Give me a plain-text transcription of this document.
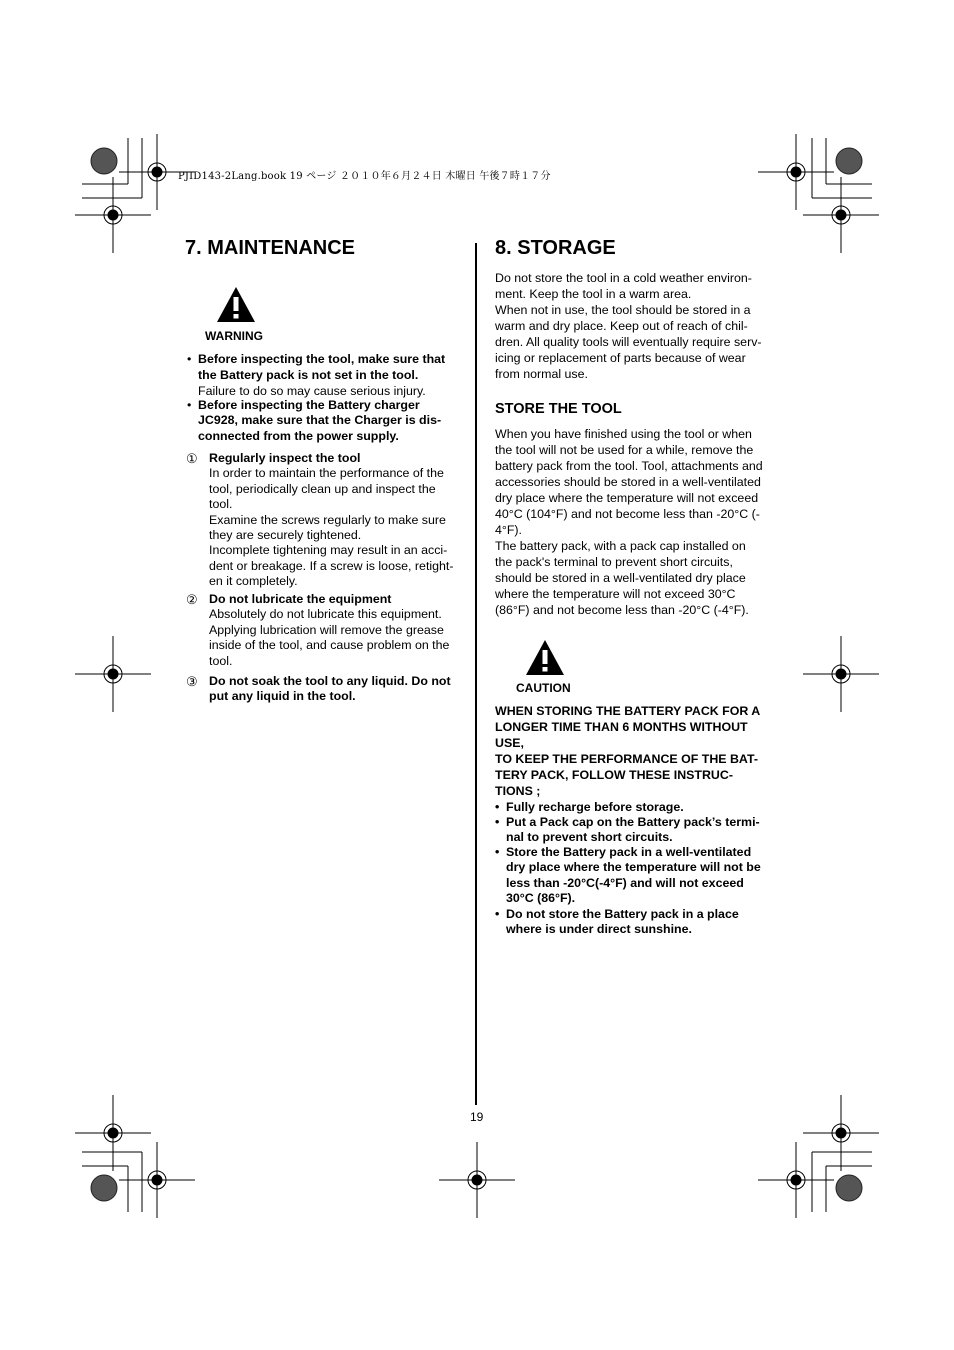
PJID143-2Lang.book 19 ページ ２０１０年６月２４日 木曜日 午後７時１７分
7. MAINTENANCE
WARNING
• Before inspecting the tool, make sure that
the Battery pack is not set in the tool.
Failure to do so may cause serious injury.
• Before inspecting the Battery charger
JC928, make sure that the Charger is dis-
connected from the power supply.
① Regularly inspect the tool
In order to maintain the performance of the
tool, periodically clean up and inspect the
tool.
Examine the screws regularly to make sure
they are securely tightened.
Incomplete tightening may result in an acci-
dent or breakage. If a screw is loose, retight-
en it completely.
② Do not lubricate the equipment
Absolutely do not lubricate this equipment.
Applying lubrication will remove the grease
inside of the tool, and cause problem on the
tool.
③ Do not soak the tool to any liquid. Do not
put any liquid in the tool.
8. STORAGE
Do not store the tool in a cold weather environ-
ment. Keep the tool in a warm area.
When not in use, the tool should be stored in a
warm and dry place. Keep out of reach of chil-
dren. All quality tools will eventually require serv-
icing or replacement of parts because of wear
from normal use.
STORE THE TOOL
When you have finished using the tool or when
the tool will not be used for a while, remove the
battery pack from the tool. Tool, attachments and
accessories should be stored in a well-ventilated
dry place where the temperature will not exceed
40°C (104°F) and not become less than -20°C (-
4°F).
The battery pack, with a pack cap installed on
the pack's terminal to prevent short circuits,
should be stored in a well-ventilated dry place
where the temperature will not exceed 30°C
(86°F) and not become less than -20°C (-4°F).
CAUTION
WHEN STORING THE BATTERY PACK FOR A
LONGER TIME THAN 6 MONTHS WITHOUT
USE,
TO KEEP THE PERFORMANCE OF THE BAT-
TERY PACK, FOLLOW THESE INSTRUC-
TIONS ;
• Fully recharge before storage.
• Put a Pack cap on the Battery pack’s termi-
nal to prevent short circuits.
• Store the Battery pack in a well-ventilated
dry place where the temperature will not be
less than -20°C(-4°F) and will not exceed
30°C (86°F).
• Do not store the Battery pack in a place
where is under direct sunshine.
19
